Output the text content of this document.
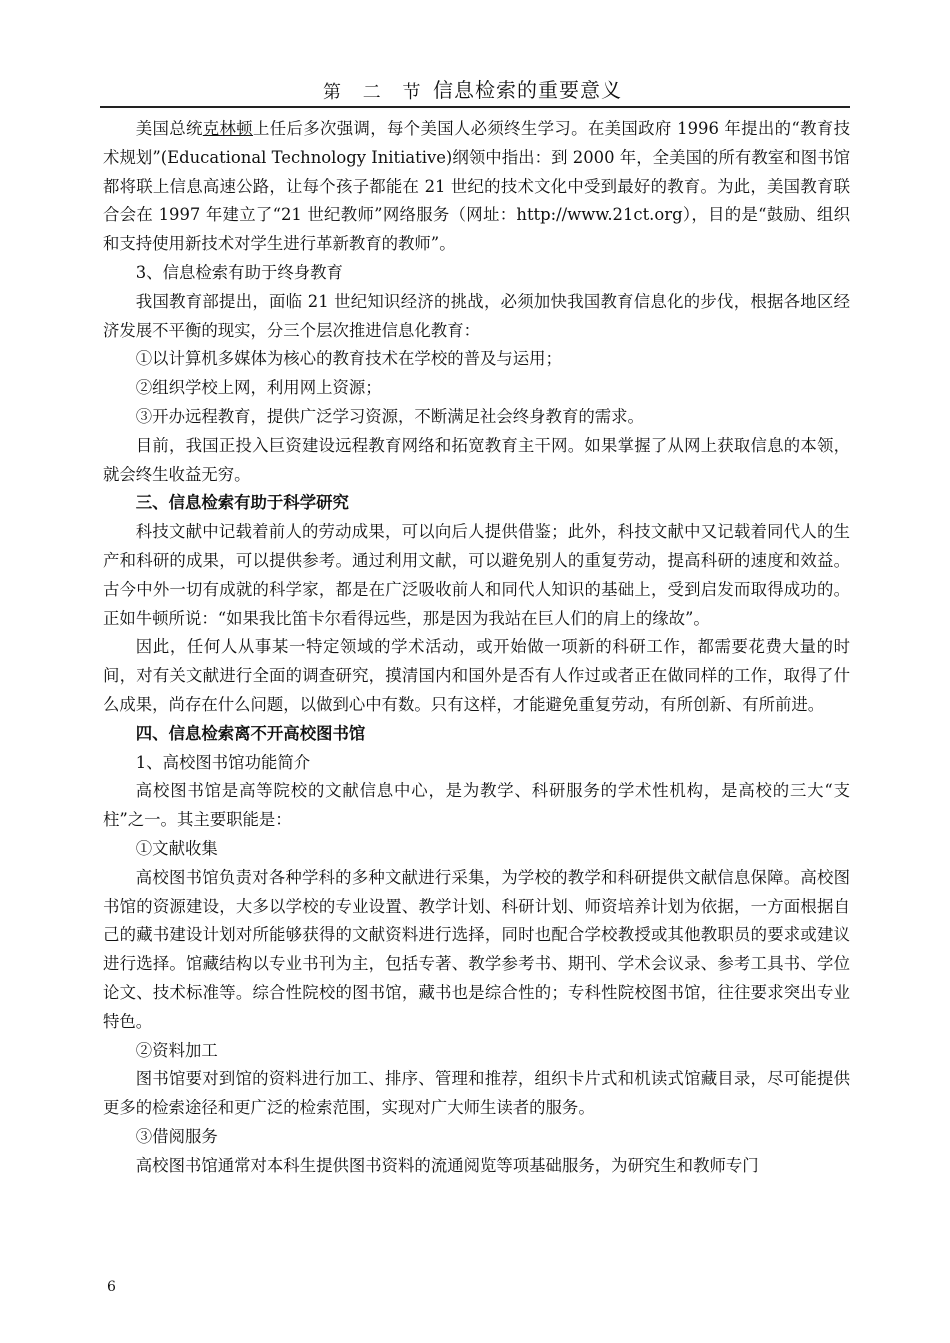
第 二 节 信息检索的重要意义

美国总统克林顿上任后多次强调，每个美国人必须终生学习。在美国政府 1996 年提出的“教育技术规划”(Educational Technology Initiative)纲领中指出：到 2000 年，全美国的所有教室和图书馆都将联上信息高速公路，让每个孩子都能在 21 世纪的技术文化中受到最好的教育。为此，美国教育联合会在 1997 年建立了“21 世纪教师”网络服务（网址：http://www.21ct.org），目的是“鼓励、组织和支持使用新技术对学生进行革新教育的教师”。

3、信息检索有助于终身教育

我国教育部提出，面临 21 世纪知识经济的挑战，必须加快我国教育信息化的步伐，根据各地区经济发展不平衡的现实，分三个层次推进信息化教育：

①以计算机多媒体为核心的教育技术在学校的普及与运用；

②组织学校上网，利用网上资源；

③开办远程教育，提供广泛学习资源，不断满足社会终身教育的需求。

目前，我国正投入巨资建设远程教育网络和拓宽教育主干网。如果掌握了从网上获取信息的本领，就会终生收益无穷。

三、信息检索有助于科学研究

科技文献中记载着前人的劳动成果，可以向后人提供借鉴；此外，科技文献中又记载着同代人的生产和科研的成果，可以提供参考。通过利用文献，可以避免别人的重复劳动，提高科研的速度和效益。古今中外一切有成就的科学家，都是在广泛吸收前人和同代人知识的基础上，受到启发而取得成功的。正如牛顿所说：“如果我比笛卡尔看得远些，那是因为我站在巨人们的肩上的缘故”。

因此，任何人从事某一特定领域的学术活动，或开始做一项新的科研工作，都需要花费大量的时间，对有关文献进行全面的调查研究，摸清国内和国外是否有人作过或者正在做同样的工作，取得了什么成果，尚存在什么问题，以做到心中有数。只有这样，才能避免重复劳动，有所创新、有所前进。

四、信息检索离不开高校图书馆

1、高校图书馆功能简介

高校图书馆是高等院校的文献信息中心，是为教学、科研服务的学术性机构，是高校的三大“支柱”之一。其主要职能是：

①文献收集

高校图书馆负责对各种学科的多种文献进行采集，为学校的教学和科研提供文献信息保障。高校图书馆的资源建设，大多以学校的专业设置、教学计划、科研计划、师资培养计划为依据，一方面根据自己的藏书建设计划对所能够获得的文献资料进行选择，同时也配合学校教授或其他教职员的要求或建议进行选择。馆藏结构以专业书刊为主，包括专著、教学参考书、期刊、学术会议录、参考工具书、学位论文、技术标准等。综合性院校的图书馆，藏书也是综合性的；专科性院校图书馆，往往要求突出专业特色。

②资料加工

图书馆要对到馆的资料进行加工、排序、管理和推荐，组织卡片式和机读式馆藏目录，尽可能提供更多的检索途径和更广泛的检索范围，实现对广大师生读者的服务。

③借阅服务

高校图书馆通常对本科生提供图书资料的流通阅览等项基础服务，为研究生和教师专门

6
